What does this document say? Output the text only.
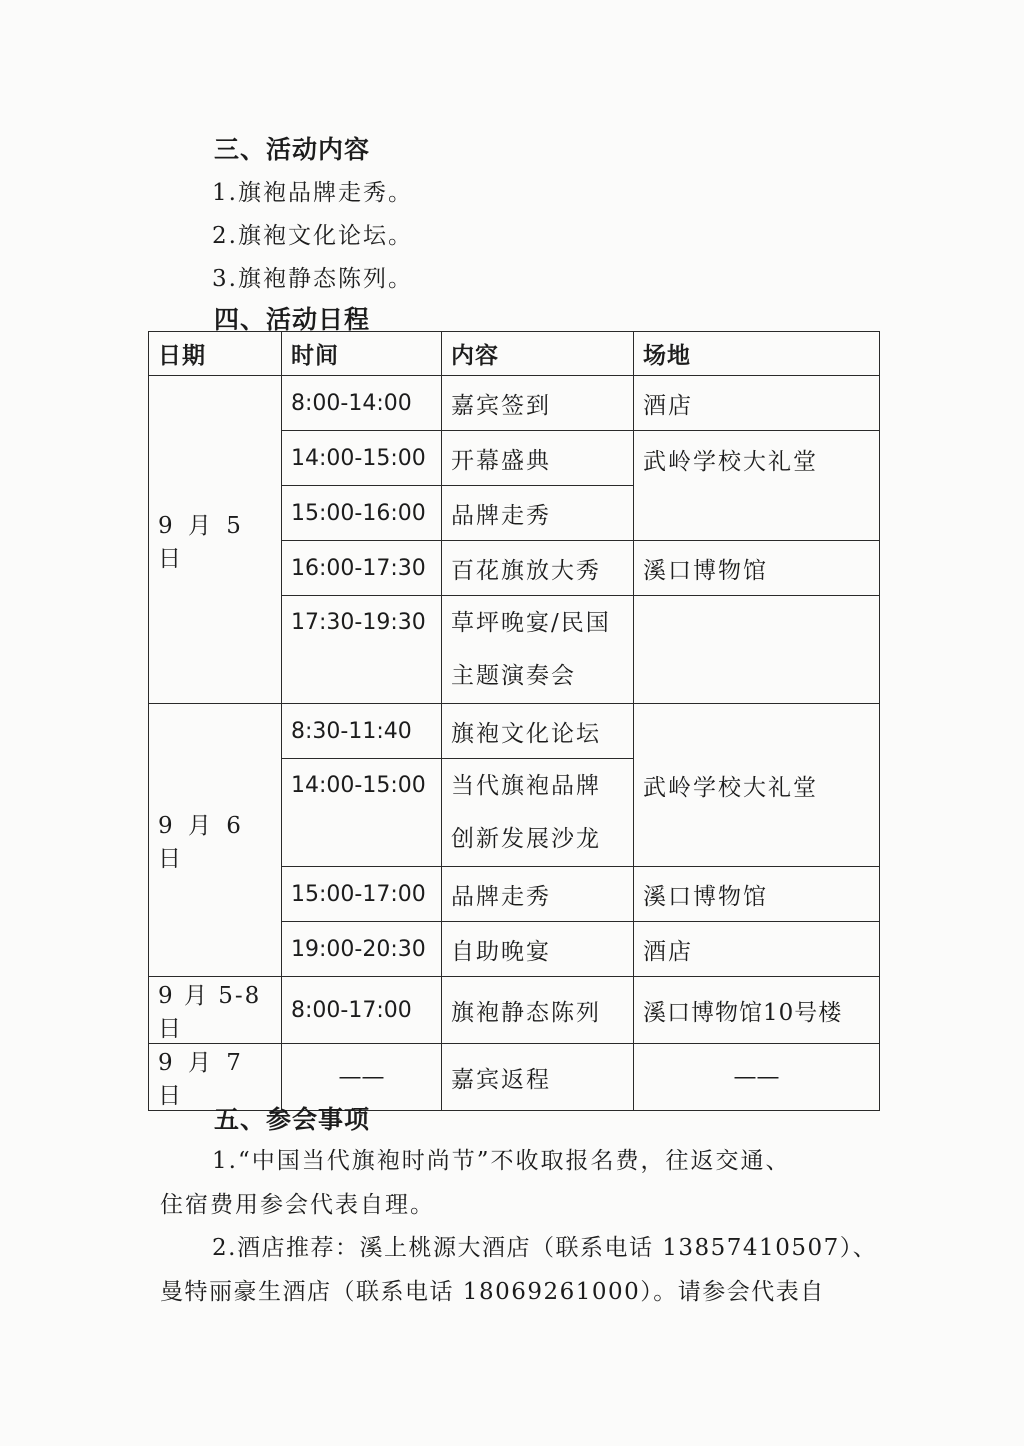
三、活动内容
1.旗袍品牌走秀。
2.旗袍文化论坛。
3.旗袍静态陈列。
四、活动日程
日期	时间	内容	场地
9 月 5 日	8:00-14:00	嘉宾签到	酒店
	14:00-15:00	开幕盛典	武岭学校大礼堂
	15:00-16:00	品牌走秀	
	16:00-17:30	百花旗放大秀	溪口博物馆
	17:30-19:30	草坪晚宴/民国主题演奏会	
9 月 6 日	8:30-11:40	旗袍文化论坛	武岭学校大礼堂
	14:00-15:00	当代旗袍品牌创新发展沙龙	
	15:00-17:00	品牌走秀	溪口博物馆
	19:00-20:30	自助晚宴	酒店
9 月 5-8 日	8:00-17:00	旗袍静态陈列	溪口博物馆10号楼
9 月 7 日	——	嘉宾返程	——
五、参会事项
1.“中国当代旗袍时尚节”不收取报名费，往返交通、
住宿费用参会代表自理。
2.酒店推荐：溪上桃源大酒店（联系电话 13857410507）、
曼特丽豪生酒店（联系电话 18069261000）。请参会代表自
